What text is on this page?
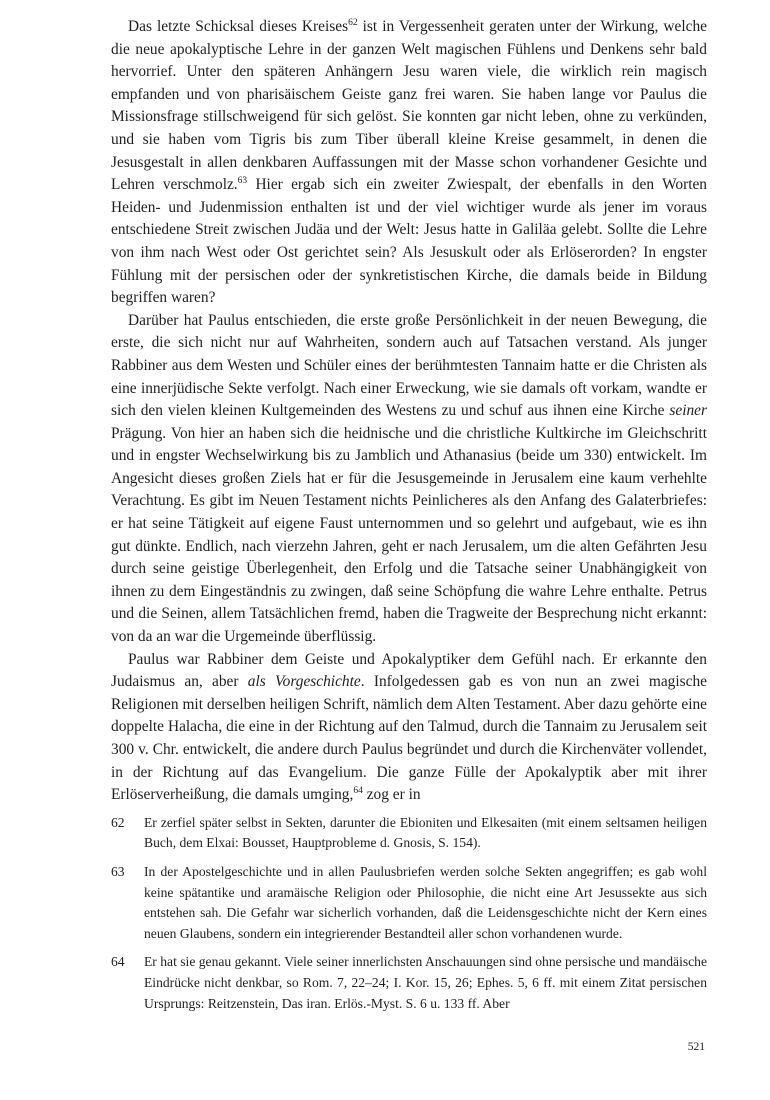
Das letzte Schicksal dieses Kreises$^{62}$ ist in Vergessenheit geraten unter der Wirkung, welche die neue apokalyptische Lehre in der ganzen Welt magischen Fühlens und Denkens sehr bald hervorrief. Unter den späteren Anhängern Jesu waren viele, die wirklich rein magisch empfanden und von pharisäischem Geiste ganz frei waren. Sie haben lange vor Paulus die Missionsfrage stillschweigend für sich gelöst. Sie konnten gar nicht leben, ohne zu verkünden, und sie haben vom Tigris bis zum Tiber überall kleine Kreise gesammelt, in denen die Jesusgestalt in allen denkbaren Auffassungen mit der Masse schon vorhandener Gesichte und Lehren verschmolz.$^{63}$ Hier ergab sich ein zweiter Zwiespalt, der ebenfalls in den Worten Heiden- und Judenmission enthalten ist und der viel wichtiger wurde als jener im voraus entschiedene Streit zwischen Judäa und der Welt: Jesus hatte in Galiläa gelebt. Sollte die Lehre von ihm nach West oder Ost gerichtet sein? Als Jesuskult oder als Erlöserorden? In engster Fühlung mit der persischen oder der synkretistischen Kirche, die damals beide in Bildung begriffen waren?

Darüber hat Paulus entschieden, die erste große Persönlichkeit in der neuen Bewegung, die erste, die sich nicht nur auf Wahrheiten, sondern auch auf Tatsachen verstand. Als junger Rabbiner aus dem Westen und Schüler eines der berühmtesten Tannaim hatte er die Christen als eine innerjüdische Sekte verfolgt. Nach einer Erweckung, wie sie damals oft vorkam, wandte er sich den vielen kleinen Kultgemeinden des Westens zu und schuf aus ihnen eine Kirche seiner Prägung. Von hier an haben sich die heidnische und die christliche Kultkirche im Gleichschritt und in engster Wechselwirkung bis zu Jamblich und Athanasius (beide um 330) entwickelt. Im Angesicht dieses großen Ziels hat er für die Jesusgemeinde in Jerusalem eine kaum verhehlte Verachtung. Es gibt im Neuen Testament nichts Peinlicheres als den Anfang des Galaterbriefes: er hat seine Tätigkeit auf eigene Faust unternommen und so gelehrt und aufgebaut, wie es ihn gut dünkte. Endlich, nach vierzehn Jahren, geht er nach Jerusalem, um die alten Gefährten Jesu durch seine geistige Überlegenheit, den Erfolg und die Tatsache seiner Unabhängigkeit von ihnen zu dem Eingeständnis zu zwingen, daß seine Schöpfung die wahre Lehre enthalte. Petrus und die Seinen, allem Tatsächlichen fremd, haben die Tragweite der Besprechung nicht erkannt: von da an war die Urgemeinde überflüssig.

Paulus war Rabbiner dem Geiste und Apokalyptiker dem Gefühl nach. Er erkannte den Judaismus an, aber als Vorgeschichte. Infolgedessen gab es von nun an zwei magische Religionen mit derselben heiligen Schrift, nämlich dem Alten Testament. Aber dazu gehörte eine doppelte Halacha, die eine in der Richtung auf den Talmud, durch die Tannaim zu Jerusalem seit 300 v. Chr. entwickelt, die andere durch Paulus begründet und durch die Kirchenväter vollendet, in der Richtung auf das Evangelium. Die ganze Fülle der Apokalyptik aber mit ihrer Erlöserverheißung, die damals umging,$^{64}$ zog er in

62	Er zerfiel später selbst in Sekten, darunter die Ebioniten und Elkesaiten (mit einem seltsamen heiligen Buch, dem Elxai: Bousset, Hauptprobleme d. Gnosis, S. 154).

63	In der Apostelgeschichte und in allen Paulusbriefen werden solche Sekten angegriffen; es gab wohl keine spätantike und aramäische Religion oder Philosophie, die nicht eine Art Jesussekte aus sich entstehen sah. Die Gefahr war sicherlich vorhanden, daß die Leidensgeschichte nicht der Kern eines neuen Glaubens, sondern ein integrierender Bestandteil aller schon vorhandenen wurde.

64	Er hat sie genau gekannt. Viele seiner innerlichsten Anschauungen sind ohne persische und mandäische Eindrücke nicht denkbar, so Rom. 7, 22–24; I. Kor. 15, 26; Ephes. 5, 6 ff. mit einem Zitat persischen Ursprungs: Reitzenstein, Das iran. Erlös.-Myst. S. 6 u. 133 ff. Aber

521
